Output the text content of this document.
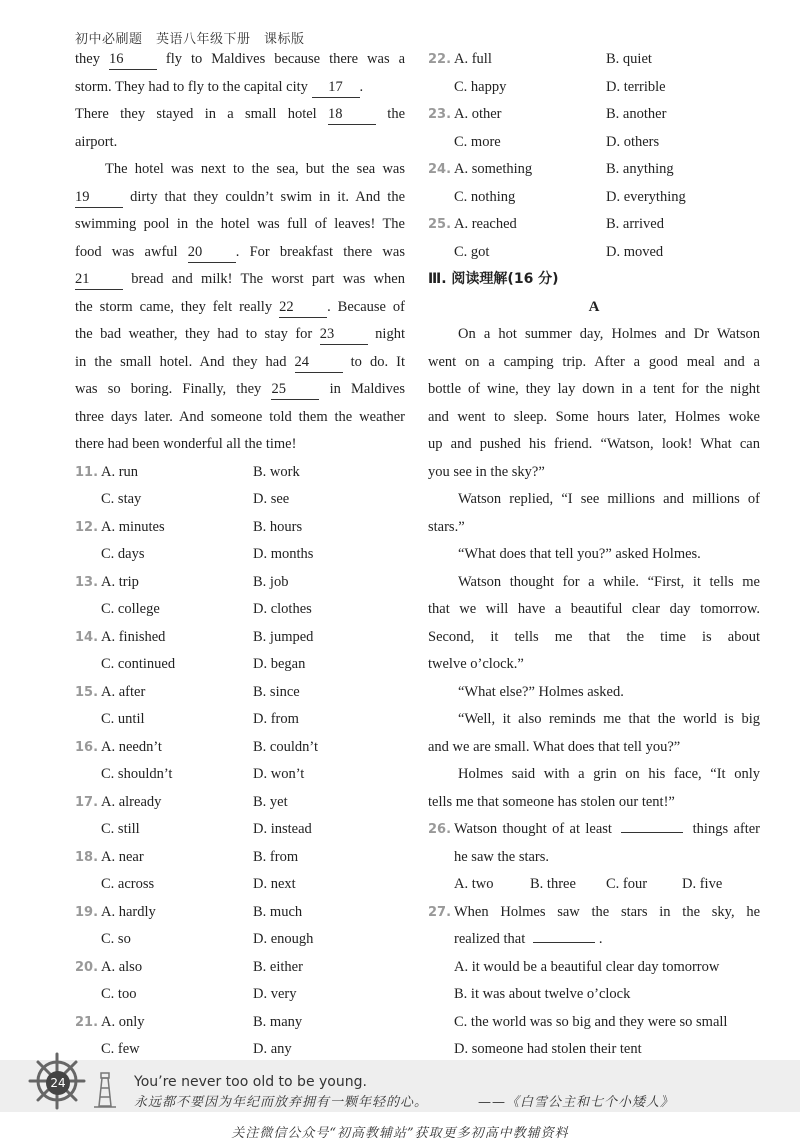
初中必刷题　英语八年级下册　课标版
they 16 fly to Maldives because there was a
storm. They had to fly to the capital city 17 .
There they stayed in a small hotel 18 the
airport.
The hotel was next to the sea, but the sea was
19 dirty that they couldn’t swim in it. And the
swimming pool in the hotel was full of leaves! The
food was awful 20 . For breakfast there was
21 bread and milk! The worst part was when
the storm came, they felt really 22 . Because of
the bad weather, they had to stay for 23 night
in the small hotel. And they had 24 to do. It
was so boring. Finally, they 25 in Maldives
three days later. And someone told them the weather
there had been wonderful all the time!
11. A. run	B. work
C. stay	D. see
12. A. minutes	B. hours
C. days	D. months
13. A. trip	B. job
C. college	D. clothes
14. A. finished	B. jumped
C. continued	D. began
15. A. after	B. since
C. until	D. from
16. A. needn’t	B. couldn’t
C. shouldn’t	D. won’t
17. A. already	B. yet
C. still	D. instead
18. A. near	B. from
C. across	D. next
19. A. hardly	B. much
C. so	D. enough
20. A. also	B. either
C. too	D. very
21. A. only	B. many
C. few	D. any
22. A. full	B. quiet
C. happy	D. terrible
23. A. other	B. another
C. more	D. others
24. A. something	B. anything
C. nothing	D. everything
25. A. reached	B. arrived
C. got	D. moved
Ⅲ. 阅读理解(16 分)
A
On a hot summer day, Holmes and Dr Watson
went on a camping trip. After a good meal and a
bottle of wine, they lay down in a tent for the night
and went to sleep. Some hours later, Holmes woke
up and pushed his friend. “Watson, look! What can
you see in the sky?”
Watson replied, “I see millions and millions of
stars.”
“What does that tell you?” asked Holmes.
Watson thought for a while. “First, it tells me
that we will have a beautiful clear day tomorrow.
Second, it tells me that the time is about
twelve o’clock.”
“What else?” Holmes asked.
“Well, it also reminds me that the world is big
and we are small. What does that tell you?”
Holmes said with a grin on his face, “It only
tells me that someone has stolen our tent!”
26. Watson thought of at least	things after
he saw the stars.
A. two	B. three	C. four	D. five
27. When Holmes saw the stars in the sky, he
realized that	.
A. it would be a beautiful clear day tomorrow
B. it was about twelve o’clock
C. the world was so big and they were so small
D. someone had stolen their tent
24	You’re never too old to be young.
永远都不要因为年纪而放弃拥有一颗年轻的心。	——《白雪公主和七个小矮人》
关注微信公众号“初高教辅站”获取更多初高中教辅资料
